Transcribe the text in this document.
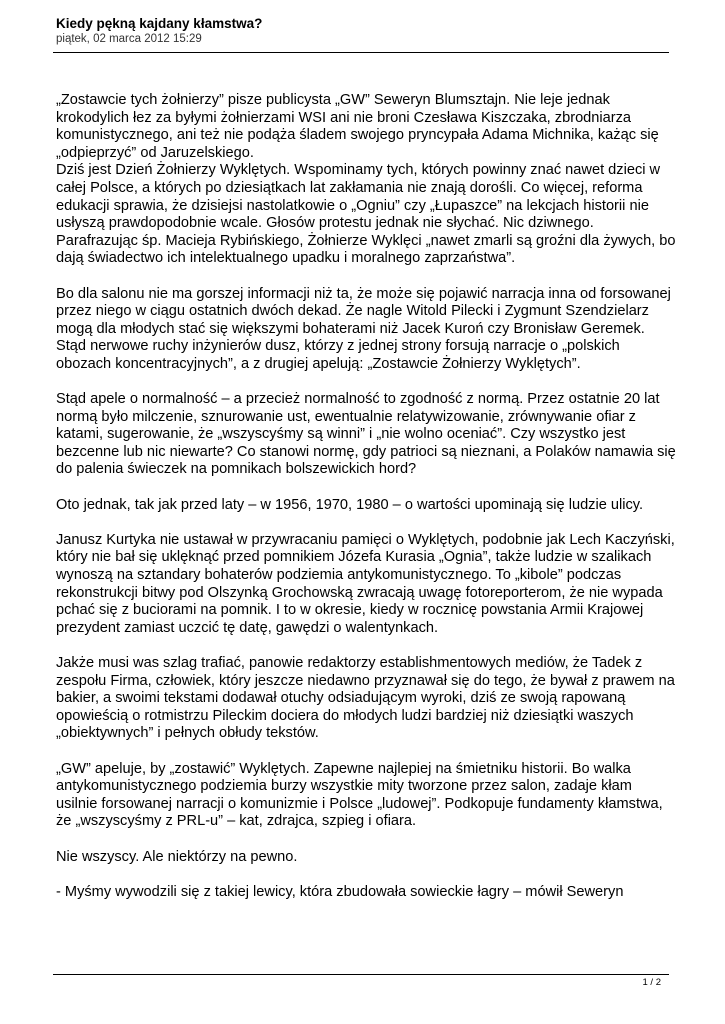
Kiedy pękną kajdany kłamstwa?
piątek, 02 marca 2012 15:29

„Zostawcie tych żołnierzy” pisze publicysta „GW” Seweryn Blumsztajn. Nie leje jednak
krokodylich łez za byłymi żołnierzami WSI ani nie broni Czesława Kiszczaka, zbrodniarza
komunistycznego, ani też nie podąża śladem swojego pryncypała Adama Michnika, każąc się
„odpieprzyć” od Jaruzelskiego.
Dziś jest Dzień Żołnierzy Wyklętych. Wspominamy tych, których powinny znać nawet dzieci w
całej Polsce, a których po dziesiątkach lat zakłamania nie znają dorośli. Co więcej, reforma
edukacji sprawia, że dzisiejsi nastolatkowie o „Ogniu” czy „Łupaszce” na lekcjach historii nie
usłyszą prawdopodobnie wcale. Głosów protestu jednak nie słychać. Nic dziwnego.
Parafrazując śp. Macieja Rybińskiego, Żołnierze Wyklęci „nawet zmarli są groźni dla żywych, bo
dają świadectwo ich intelektualnego upadku i moralnego zaprzaństwa”.

Bo dla salonu nie ma gorszej informacji niż ta, że może się pojawić narracja inna od forsowanej
przez niego w ciągu ostatnich dwóch dekad. Że nagle Witold Pilecki i Zygmunt Szendzielarz
mogą dla młodych stać się większymi bohaterami niż Jacek Kuroń czy Bronisław Geremek.
Stąd nerwowe ruchy inżynierów dusz, którzy z jednej strony forsują narracje o „polskich
obozach koncentracyjnych”, a z drugiej apelują: „Zostawcie Żołnierzy Wyklętych”.

Stąd apele o normalność – a przecież normalność to zgodność z normą. Przez ostatnie 20 lat
normą było milczenie, sznurowanie ust, ewentualnie relatywizowanie, zrównywanie ofiar z
katami, sugerowanie, że „wszyscyśmy są winni” i „nie wolno oceniać”. Czy wszystko jest
bezcenne lub nic niewarte? Co stanowi normę, gdy patrioci są nieznani, a Polaków namawia się
do palenia świeczek na pomnikach bolszewickich hord?

Oto jednak, tak jak przed laty – w 1956, 1970, 1980 – o wartości upominają się ludzie ulicy.

Janusz Kurtyka nie ustawał w przywracaniu pamięci o Wyklętych, podobnie jak Lech Kaczyński,
który nie bał się uklęknąć przed pomnikiem Józefa Kurasia „Ognia”, także ludzie w szalikach
wynoszą na sztandary bohaterów podziemia antykomunistycznego. To „kibole” podczas
rekonstrukcji bitwy pod Olszynką Grochowską zwracają uwagę fotoreporterom, że nie wypada
pchać się z buciorami na pomnik. I to w okresie, kiedy w rocznicę powstania Armii Krajowej
prezydent zamiast uczcić tę datę, gawędzi o walentynkach.

Jakże musi was szlag trafiać, panowie redaktorzy establishmentowych mediów, że Tadek z
zespołu Firma, człowiek, który jeszcze niedawno przyznawał się do tego, że bywał z prawem na
bakier, a swoimi tekstami dodawał otuchy odsiadującym wyroki, dziś ze swoją rapowaną
opowieścią o rotmistrzu Pileckim dociera do młodych ludzi bardziej niż dziesiątki waszych
„obiektywnych” i pełnych obłudy tekstów.

„GW” apeluje, by „zostawić” Wyklętych. Zapewne najlepiej na śmietniku historii. Bo walka
antykomunistycznego podziemia burzy wszystkie mity tworzone przez salon, zadaje kłam
usilnie forsowanej narracji o komunizmie i Polsce „ludowej”. Podkopuje fundamenty kłamstwa,
że „wszyscyśmy z PRL-u” – kat, zdrajca, szpieg i ofiara.

Nie wszyscy. Ale niektórzy na pewno.

- Myśmy wywodzili się z takiej lewicy, która zbudowała sowieckie łagry – mówił Seweryn

1 / 2
